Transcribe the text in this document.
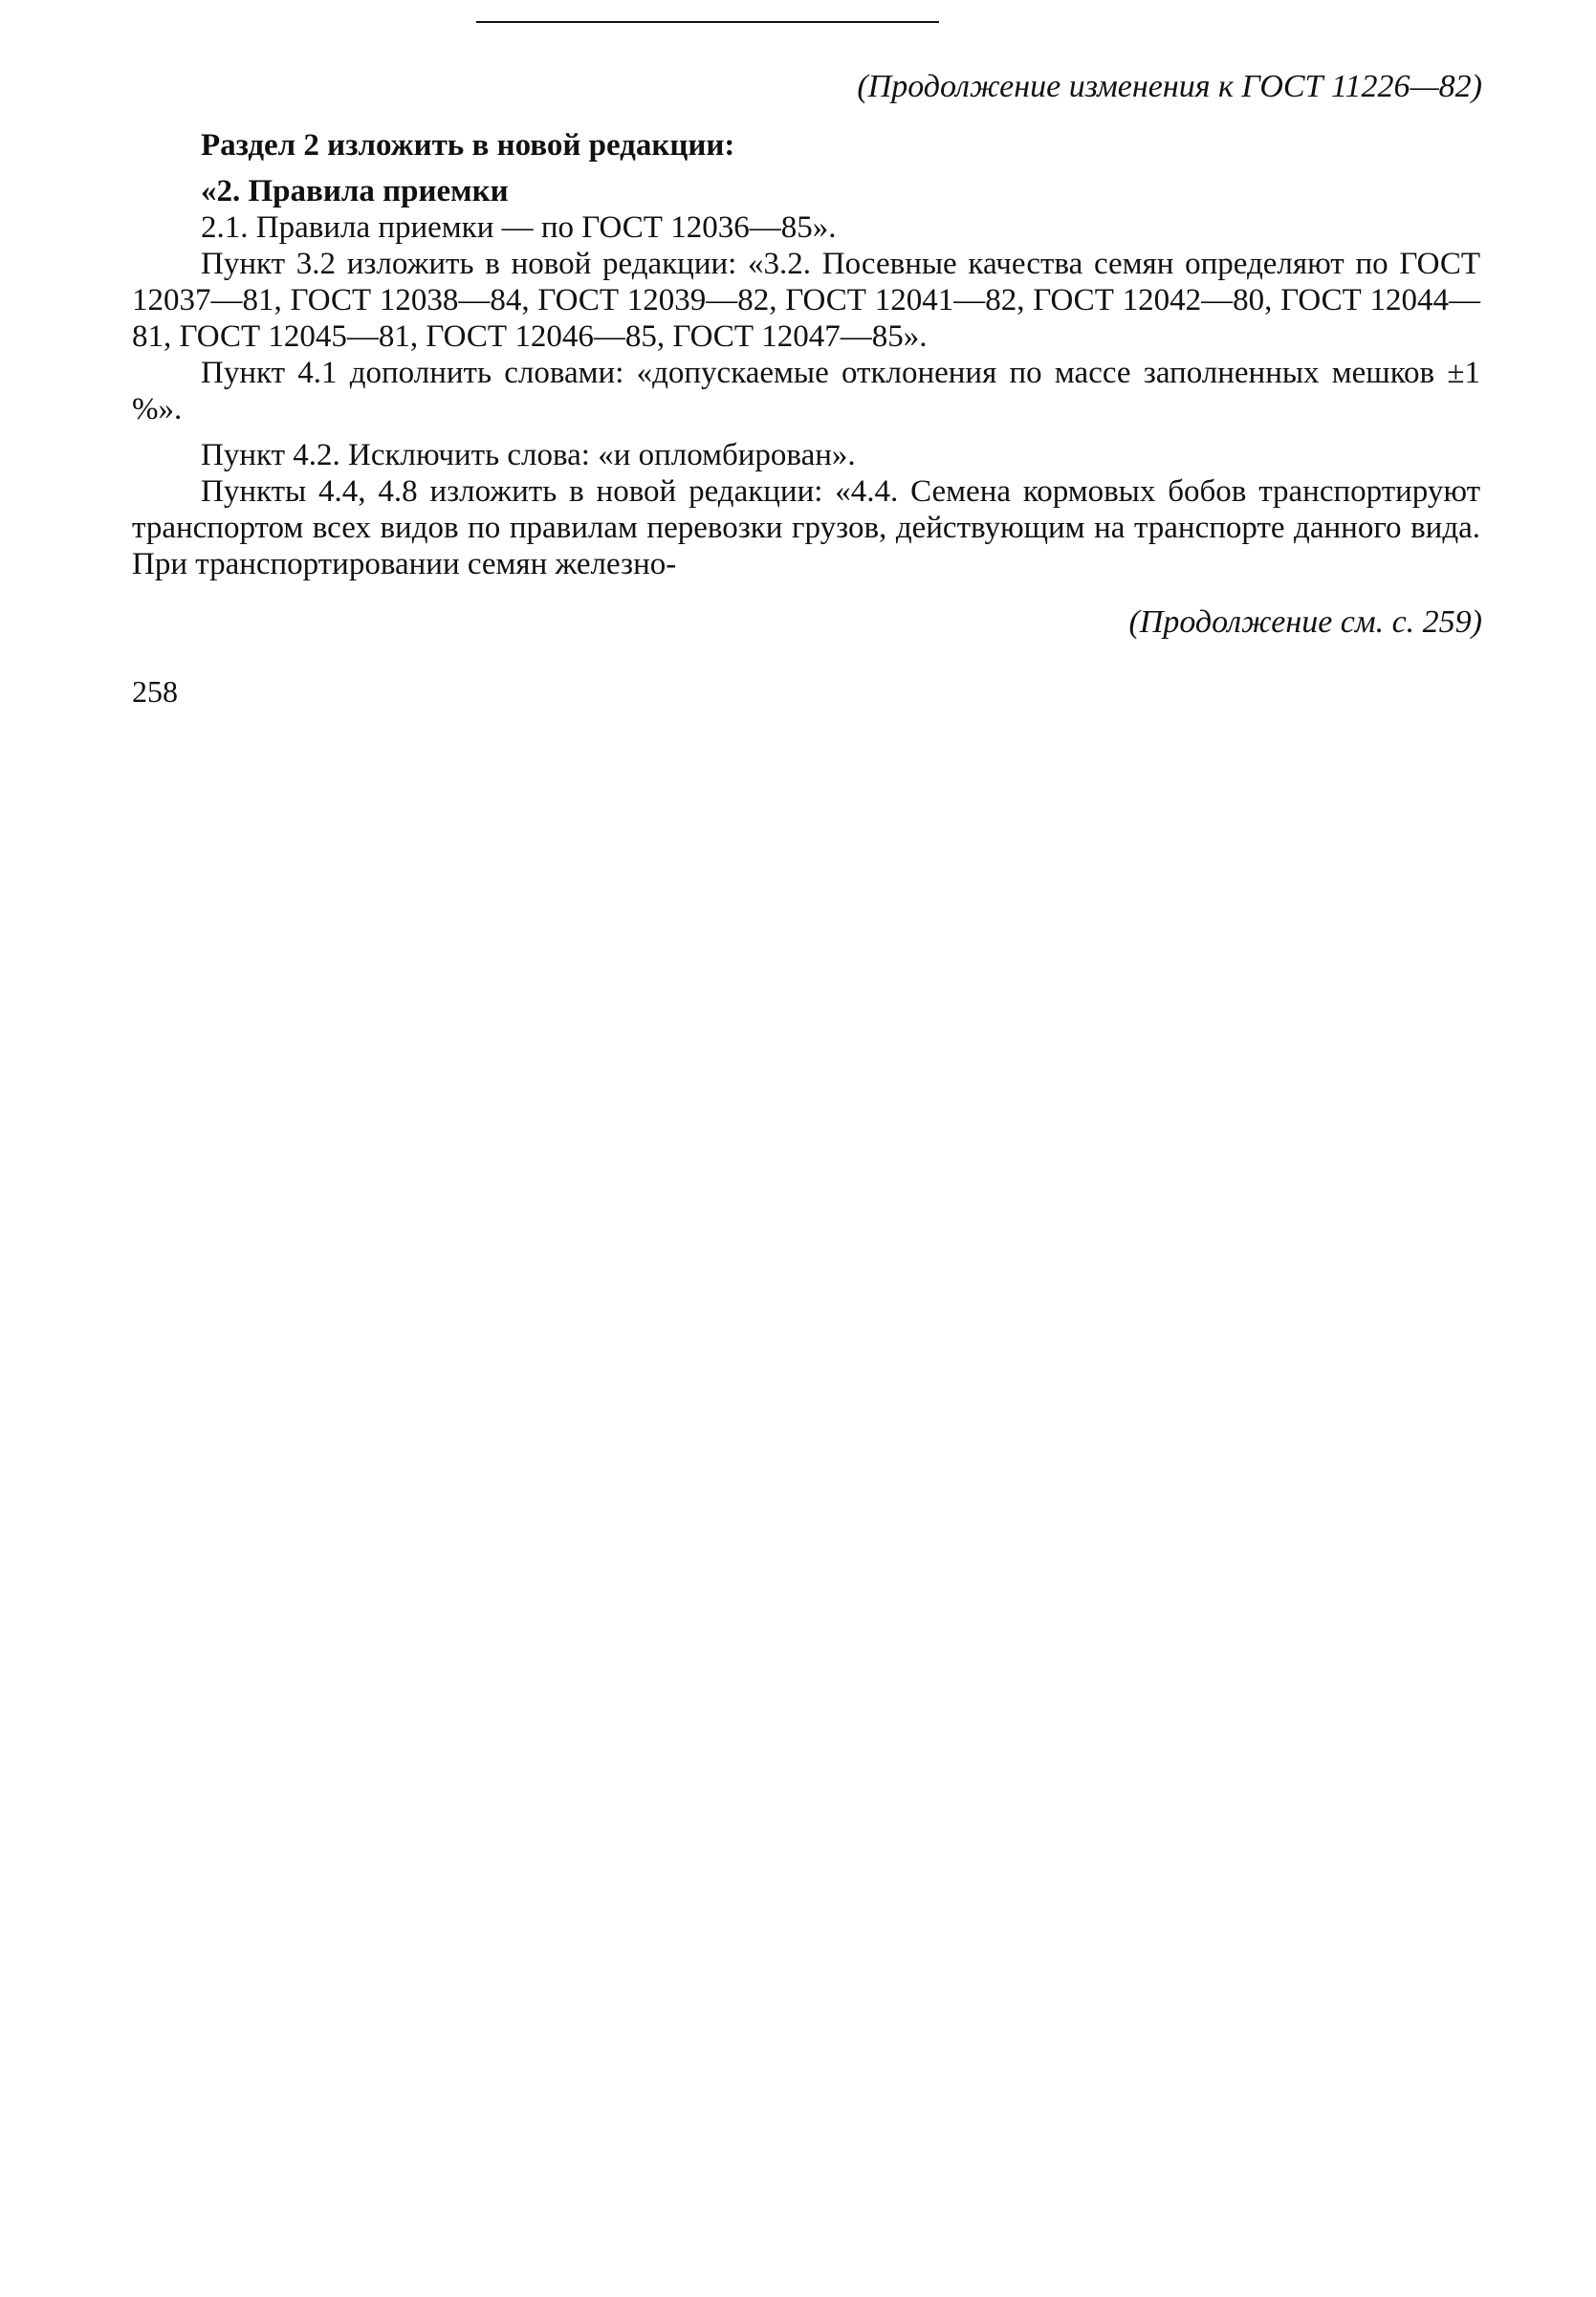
(Продолжение изменения к ГОСТ 11226—82)

Раздел 2 изложить в новой редакции:

«2. Правила приемки

2.1. Правила приемки — по ГОСТ 12036—85».

Пункт 3.2 изложить в новой редакции: «3.2. Посевные качества семян определяют по ГОСТ 12037—81, ГОСТ 12038—84, ГОСТ 12039—82, ГОСТ 12041—82, ГОСТ 12042—80, ГОСТ 12044—81, ГОСТ 12045—81, ГОСТ 12046—85, ГОСТ 12047—85».

Пункт 4.1 дополнить словами: «допускаемые отклонения по массе заполненных мешков ±1 %».

Пункт 4.2. Исключить слова: «и опломбирован».

Пункты 4.4, 4.8 изложить в новой редакции: «4.4. Семена кормовых бобов транспортируют транспортом всех видов по правилам перевозки грузов, действующим на транспорте данного вида. При транспортировании семян железно-

(Продолжение см. с. 259)
258
